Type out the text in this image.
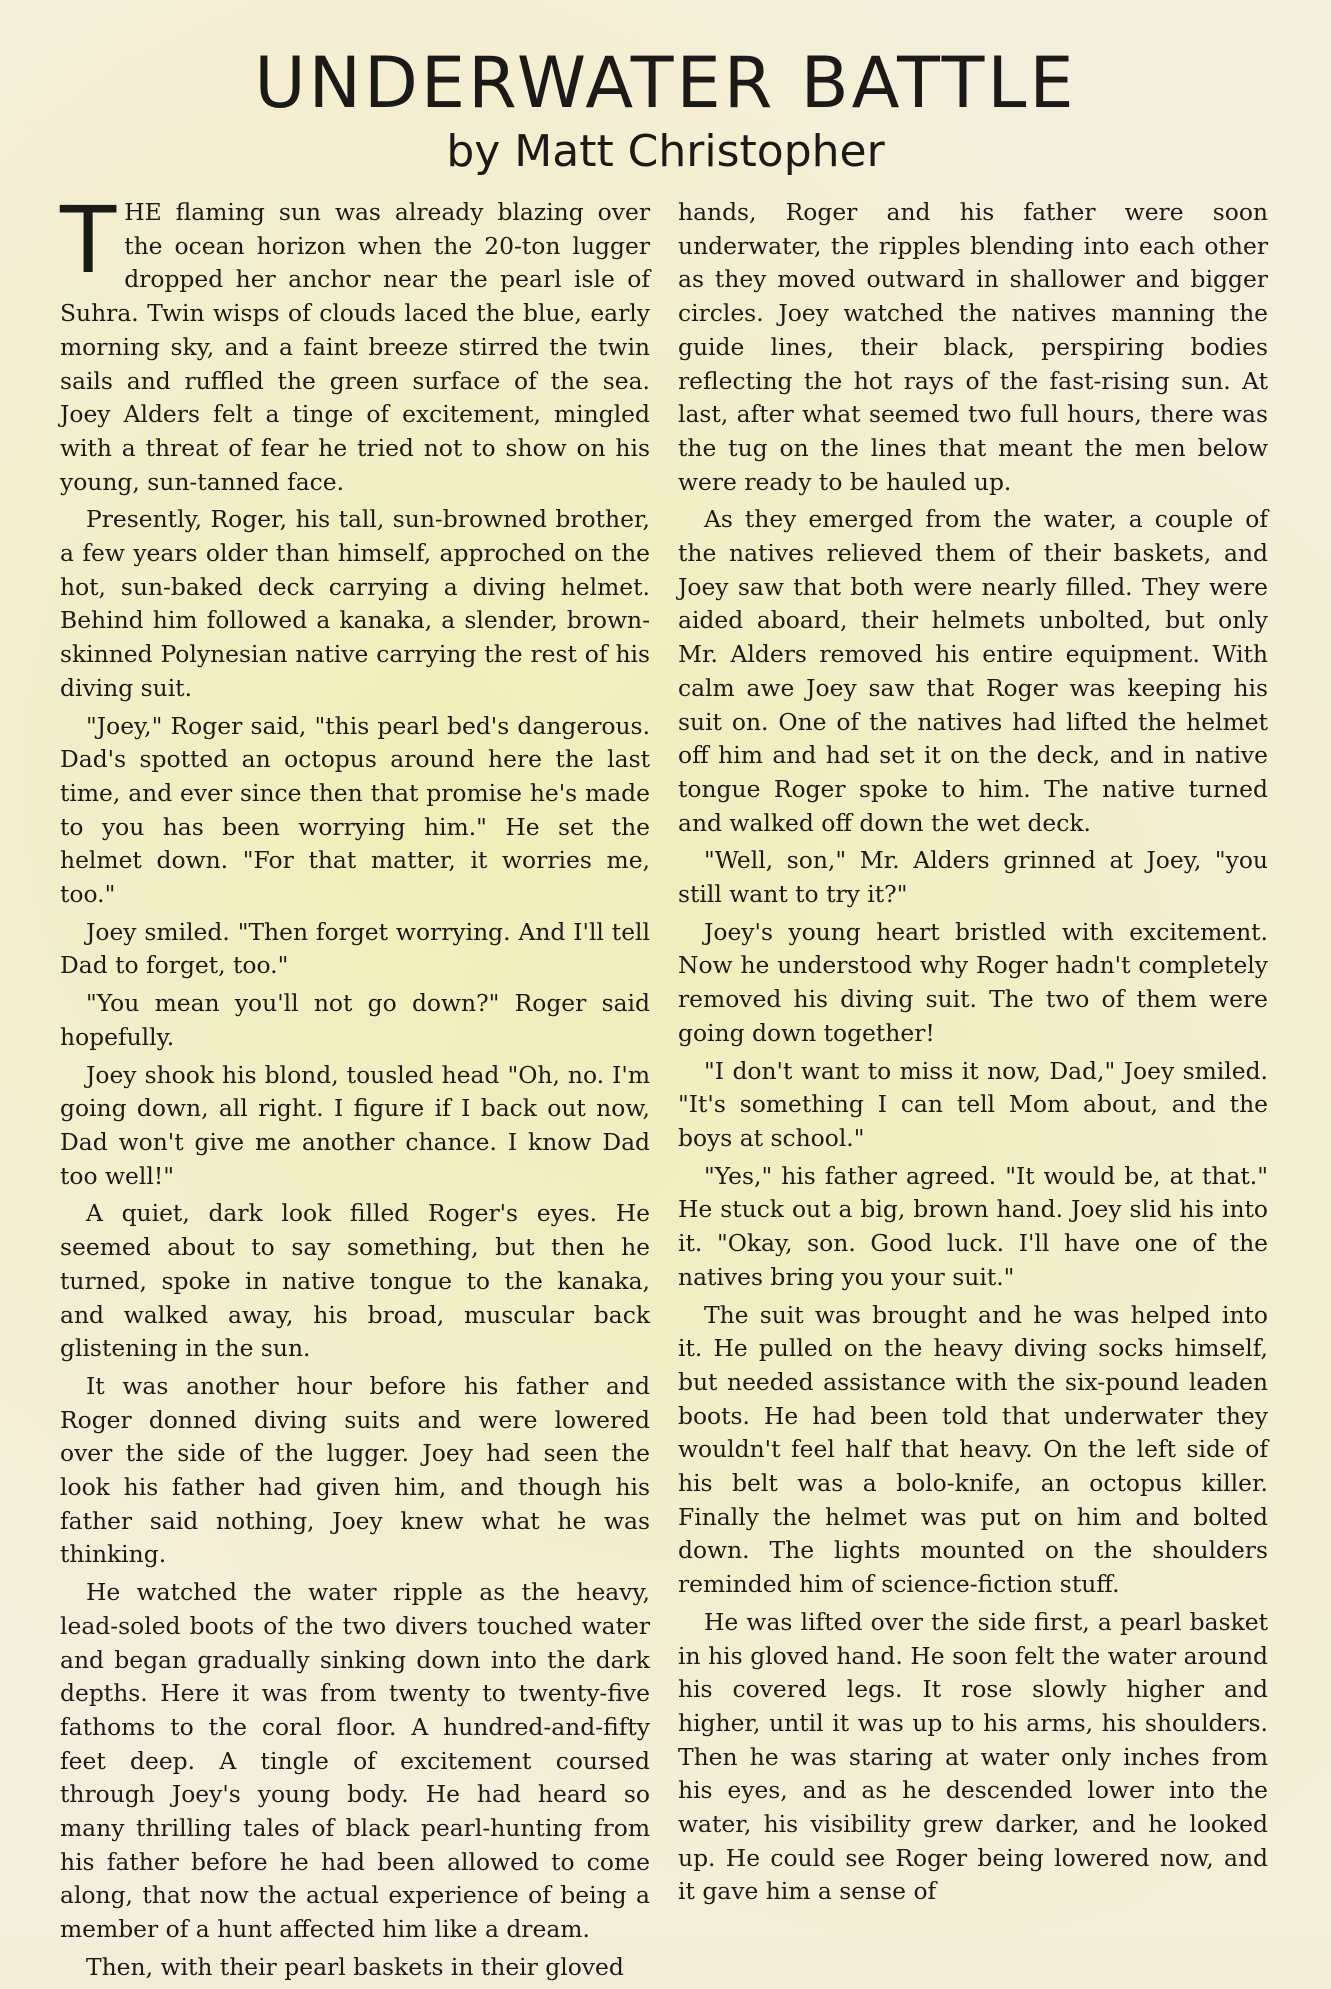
UNDERWATER BATTLE
by Matt Christopher

T HE flaming sun was already blazing over the ocean horizon when the 20-ton lugger dropped her anchor near the pearl isle of Suhra. Twin wisps of clouds laced the blue, early morning sky, and a faint breeze stirred the twin sails and ruffled the green surface of the sea. Joey Alders felt a tinge of excitement, mingled with a threat of fear he tried not to show on his young, sun-tanned face.

Presently, Roger, his tall, sun-browned brother, a few years older than himself, approched on the hot, sun-baked deck carrying a diving helmet. Behind him followed a kanaka, a slender, brown-skinned Polynesian native carrying the rest of his diving suit.

"Joey," Roger said, "this pearl bed's dangerous. Dad's spotted an octopus around here the last time, and ever since then that promise he's made to you has been worrying him." He set the helmet down. "For that matter, it worries me, too."

Joey smiled. "Then forget worrying. And I'll tell Dad to forget, too."

"You mean you'll not go down?" Roger said hopefully.

Joey shook his blond, tousled head "Oh, no. I'm going down, all right. I figure if I back out now, Dad won't give me another chance. I know Dad too well!"

A quiet, dark look filled Roger's eyes. He seemed about to say something, but then he turned, spoke in native tongue to the kanaka, and walked away, his broad, muscular back glistening in the sun.

It was another hour before his father and Roger donned diving suits and were lowered over the side of the lugger. Joey had seen the look his father had given him, and though his father said nothing, Joey knew what he was thinking.

He watched the water ripple as the heavy, lead-soled boots of the two divers touched water and began gradually sinking down into the dark depths. Here it was from twenty to twenty-five fathoms to the coral floor. A hundred-and-fifty feet deep. A tingle of excitement coursed through Joey's young body. He had heard so many thrilling tales of black pearl-hunting from his father before he had been allowed to come along, that now the actual experience of being a member of a hunt affected him like a dream.

Then, with their pearl baskets in their gloved

hands, Roger and his father were soon underwater, the ripples blending into each other as they moved outward in shallower and bigger circles. Joey watched the natives manning the guide lines, their black, perspiring bodies reflecting the hot rays of the fast-rising sun. At last, after what seemed two full hours, there was the tug on the lines that meant the men below were ready to be hauled up.

As they emerged from the water, a couple of the natives relieved them of their baskets, and Joey saw that both were nearly filled. They were aided aboard, their helmets unbolted, but only Mr. Alders removed his entire equipment. With calm awe Joey saw that Roger was keeping his suit on. One of the natives had lifted the helmet off him and had set it on the deck, and in native tongue Roger spoke to him. The native turned and walked off down the wet deck.

"Well, son," Mr. Alders grinned at Joey, "you still want to try it?"

Joey's young heart bristled with excitement. Now he understood why Roger hadn't completely removed his diving suit. The two of them were going down together!

"I don't want to miss it now, Dad," Joey smiled. "It's something I can tell Mom about, and the boys at school."

"Yes," his father agreed. "It would be, at that." He stuck out a big, brown hand. Joey slid his into it. "Okay, son. Good luck. I'll have one of the natives bring you your suit."

The suit was brought and he was helped into it. He pulled on the heavy diving socks himself, but needed assistance with the six-pound leaden boots. He had been told that underwater they wouldn't feel half that heavy. On the left side of his belt was a bolo-knife, an octopus killer. Finally the helmet was put on him and bolted down. The lights mounted on the shoulders reminded him of science-fiction stuff.

He was lifted over the side first, a pearl basket in his gloved hand. He soon felt the water around his covered legs. It rose slowly higher and higher, until it was up to his arms, his shoulders. Then he was staring at water only inches from his eyes, and as he descended lower into the water, his visibility grew darker, and he looked up. He could see Roger being lowered now, and it gave him a sense of
